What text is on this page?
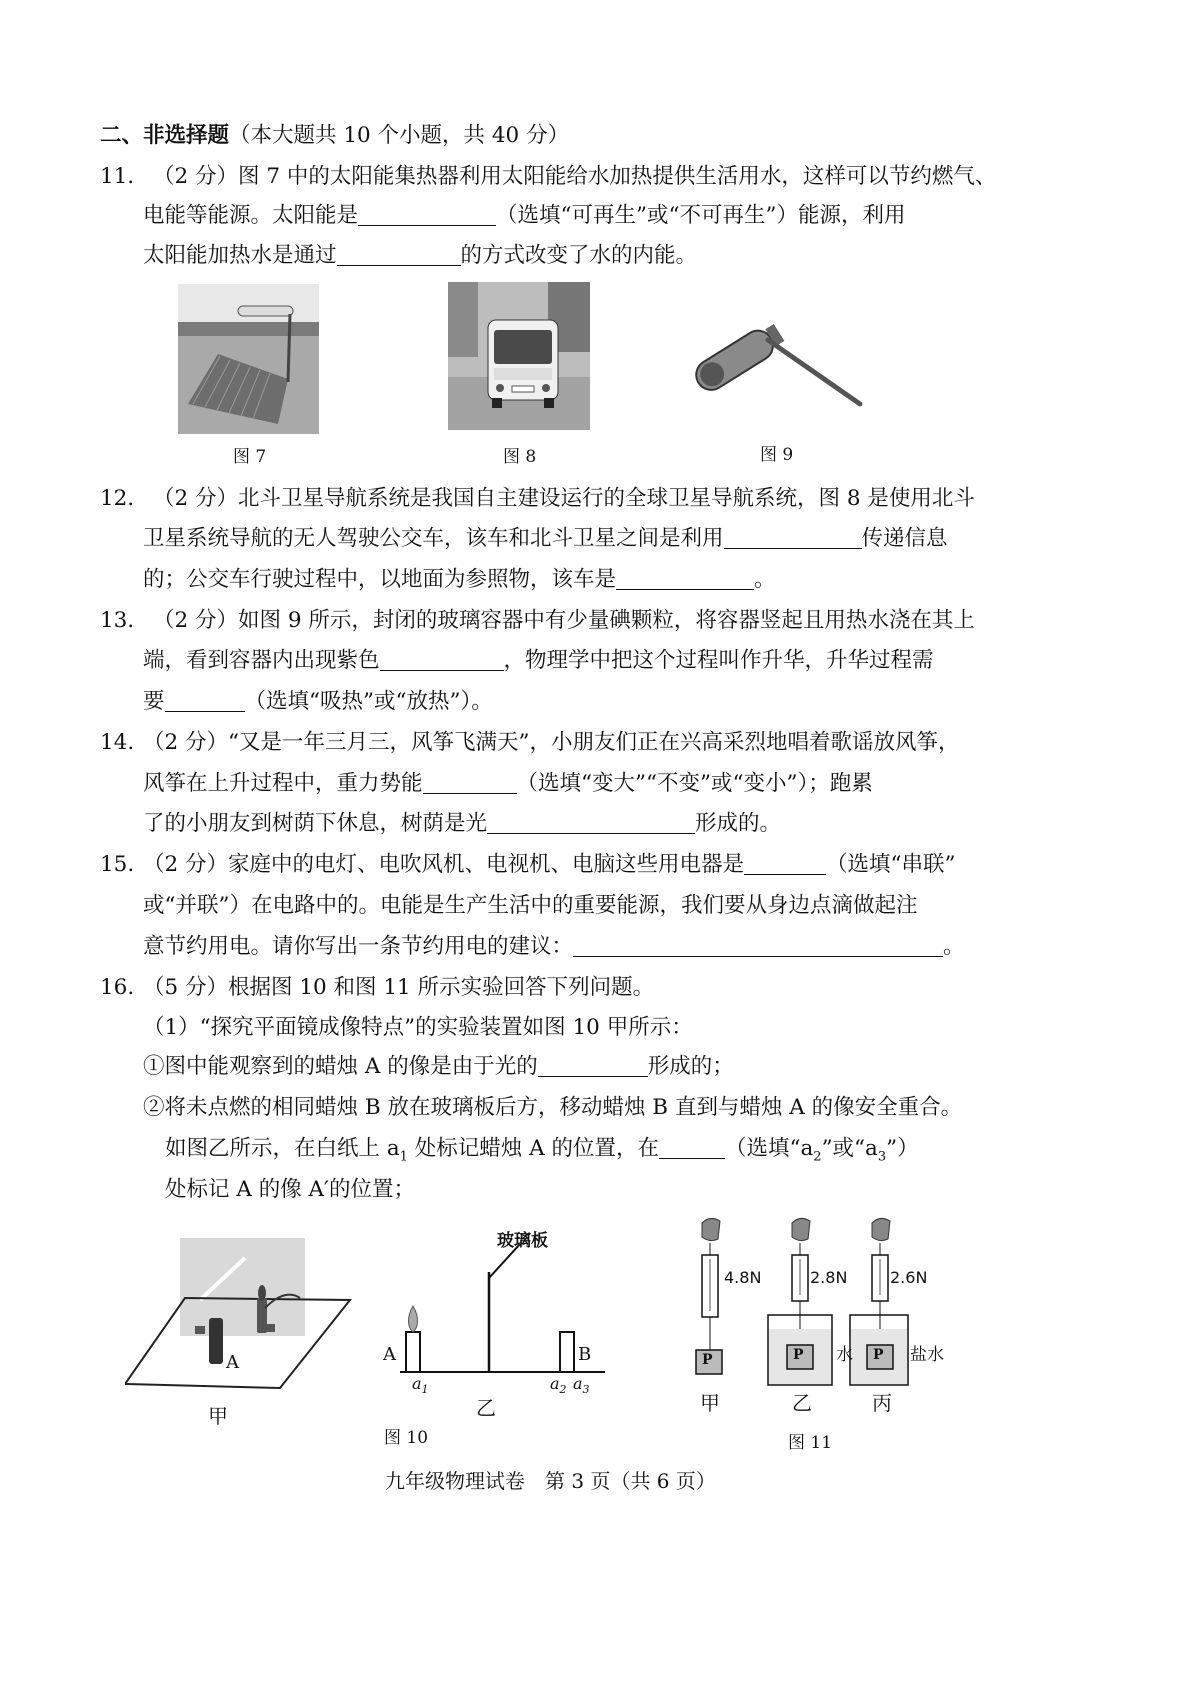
二、非选择题（本大题共 10 个小题，共 40 分）
11． （2 分）图 7 中的太阳能集热器利用太阳能给水加热提供生活用水，这样可以节约燃气、
电能等能源。太阳能是	（选填“可再生”或“不可再生”）能源，利用
太阳能加热水是通过	的方式改变了水的内能。
图 7	图 8	图 9
12． （2 分）北斗卫星导航系统是我国自主建设运行的全球卫星导航系统，图 8 是使用北斗
卫星系统导航的无人驾驶公交车，该车和北斗卫星之间是利用	传递信息
的；公交车行驶过程中，以地面为参照物，该车是	。
13． （2 分）如图 9 所示，封闭的玻璃容器中有少量碘颗粒，将容器竖起且用热水浇在其上
端，看到容器内出现紫色	，物理学中把这个过程叫作升华，升华过程需
要	（选填“吸热”或“放热”）。
14. （2 分）“又是一年三月三，风筝飞满天”，小朋友们正在兴高采烈地唱着歌谣放风筝，
风筝在上升过程中，重力势能	（选填“变大”“不变”或“变小”）；跑累
了的小朋友到树荫下休息，树荫是光	形成的。
15. （2 分）家庭中的电灯、电吹风机、电视机、电脑这些用电器是	（选填“串联”
或“并联”）在电路中的。电能是生产生活中的重要能源，我们要从身边点滴做起注
意节约用电。请你写出一条节约用电的建议：	。
16. （5 分）根据图 10 和图 11 所示实验回答下列问题。
（1）“探究平面镜成像特点”的实验装置如图 10 甲所示：
①图中能观察到的蜡烛 A 的像是由于光的	形成的；
②将未点燃的相同蜡烛 B 放在玻璃板后方，移动蜡烛 B 直到与蜡烛 A 的像安全重合。
如图乙所示，在白纸上 $a_1$ 处标记蜡烛 A 的位置，在	（选填“$a_2$”或“$a_3$”）
处标记 A 的像 A′的位置；
A
甲
玻璃板
A	B
$a_1$	$a_2$ $a_3$
乙
图 10
4.8N	2.8N	2.6N
P	P	P
水	盐水
甲	乙	丙
图 11
九年级物理试卷　第 3 页（共 6 页）
